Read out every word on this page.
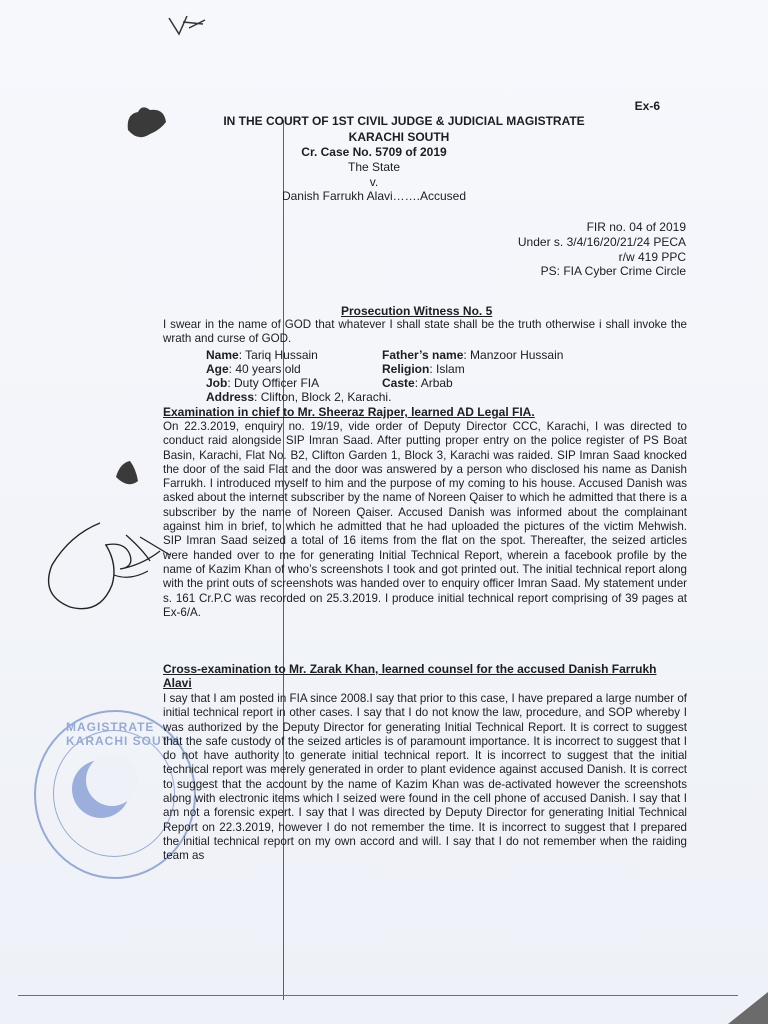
MAGISTRATE KARACHI SOUTH
Ex-6
IN THE COURT OF 1ST CIVIL JUDGE & JUDICIAL MAGISTRATE
KARACHI SOUTH
Cr. Case No. 5709 of 2019
The State
v.
Danish Farrukh Alavi…….Accused
FIR no. 04 of 2019
Under s. 3/4/16/20/21/24 PECA
r/w 419 PPC
PS: FIA Cyber Crime Circle
Prosecution Witness No. 5
I swear in the name of GOD that whatever I shall state shall be the truth otherwise i shall invoke the wrath and curse of GOD.
Name: Tariq Hussain	Father’s name: Manzoor Hussain
Age: 40 years old	Religion: Islam
Job: Duty Officer FIA	Caste: Arbab
Address: Clifton, Block 2, Karachi.
Examination in chief to Mr. Sheeraz Rajper, learned AD Legal FIA.
On 22.3.2019, enquiry no. 19/19, vide order of Deputy Director CCC, Karachi, I was directed to conduct raid alongside SIP Imran Saad. After putting proper entry on the police register of PS Boat Basin, Karachi, Flat No. B2, Clifton Garden 1, Block 3, Karachi was raided. SIP Imran Saad knocked the door of the said Flat and the door was answered by a person who disclosed his name as Danish Farrukh. I introduced myself to him and the purpose of my coming to his house. Accused Danish was asked about the internet subscriber by the name of Noreen Qaiser to which he admitted that there is a subscriber by the name of Noreen Qaiser. Accused Danish was informed about the complainant against him in brief, to which he admitted that he had uploaded the pictures of the victim Mehwish. SIP Imran Saad seized a total of 16 items from the flat on the spot. Thereafter, the seized articles were handed over to me for generating Initial Technical Report, wherein a facebook profile by the name of Kazim Khan of who’s screenshots I took and got printed out. The initial technical report along with the print outs of screenshots was handed over to enquiry officer Imran Saad. My statement under s. 161 Cr.P.C was recorded on 25.3.2019. I produce initial technical report comprising of 39 pages at Ex-6/A.
Cross-examination to Mr. Zarak Khan, learned counsel for the accused Danish Farrukh Alavi
I say that I am posted in FIA since 2008.I say that prior to this case, I have prepared a large number of initial technical report in other cases. I say that I do not know the law, procedure, and SOP whereby I was authorized by the Deputy Director for generating Initial Technical Report. It is correct to suggest that the safe custody of the seized articles is of paramount importance. It is incorrect to suggest that I do not have authority to generate initial technical report. It is incorrect to suggest that the initial technical report was merely generated in order to plant evidence against accused Danish. It is correct to suggest that the account by the name of Kazim Khan was de-activated however the screenshots along with electronic items which I seized were found in the cell phone of accused Danish. I say that I am not a forensic expert. I say that I was directed by Deputy Director for generating Initial Technical Report on 22.3.2019, however I do not remember the time. It is incorrect to suggest that I prepared the initial technical report on my own accord and will. I say that I do not remember when the raiding team as
